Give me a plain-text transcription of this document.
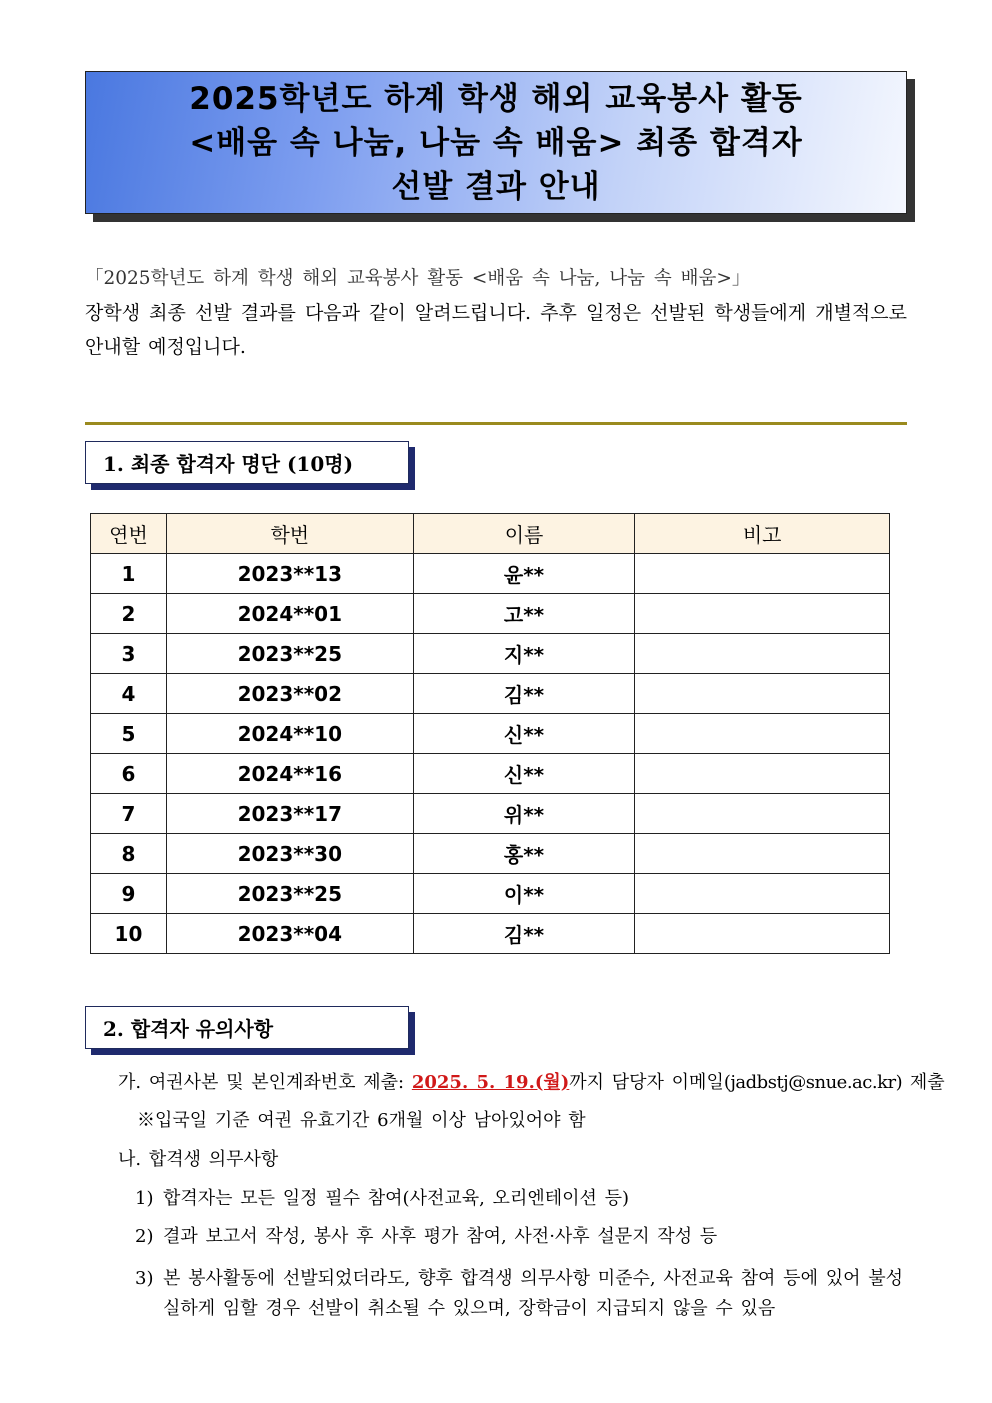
2025학년도 하계 학생 해외 교육봉사 활동
<배움 속 나눔, 나눔 속 배움> 최종 합격자
선발 결과 안내
「2025학년도 하계 학생 해외 교육봉사 활동 <배움 속 나눔, 나눔 속 배움>」
장학생 최종 선발 결과를 다음과 같이 알려드립니다. 추후 일정은 선발된 학생들에게 개별적으로 안내할 예정입니다.
1. 최종 합격자 명단 (10명)
연번	학번	이름	비고
1	2023**13	윤**	
2	2024**01	고**	
3	2023**25	지**	
4	2023**02	김**	
5	2024**10	신**	
6	2024**16	신**	
7	2023**17	위**	
8	2023**30	홍**	
9	2023**25	이**	
10	2023**04	김**	
2. 합격자 유의사항
가. 여권사본 및 본인계좌번호 제출: 2025. 5. 19.(월)까지 담당자 이메일(jadbstj@snue.ac.kr) 제출
※입국일 기준 여권 유효기간 6개월 이상 남아있어야 함
나. 합격생 의무사항
1) 합격자는 모든 일정 필수 참여(사전교육, 오리엔테이션 등)
2) 결과 보고서 작성, 봉사 후 사후 평가 참여, 사전·사후 설문지 작성 등
3) 본 봉사활동에 선발되었더라도, 향후 합격생 의무사항 미준수, 사전교육 참여 등에 있어 불성실하게 임할 경우 선발이 취소될 수 있으며, 장학금이 지급되지 않을 수 있음
